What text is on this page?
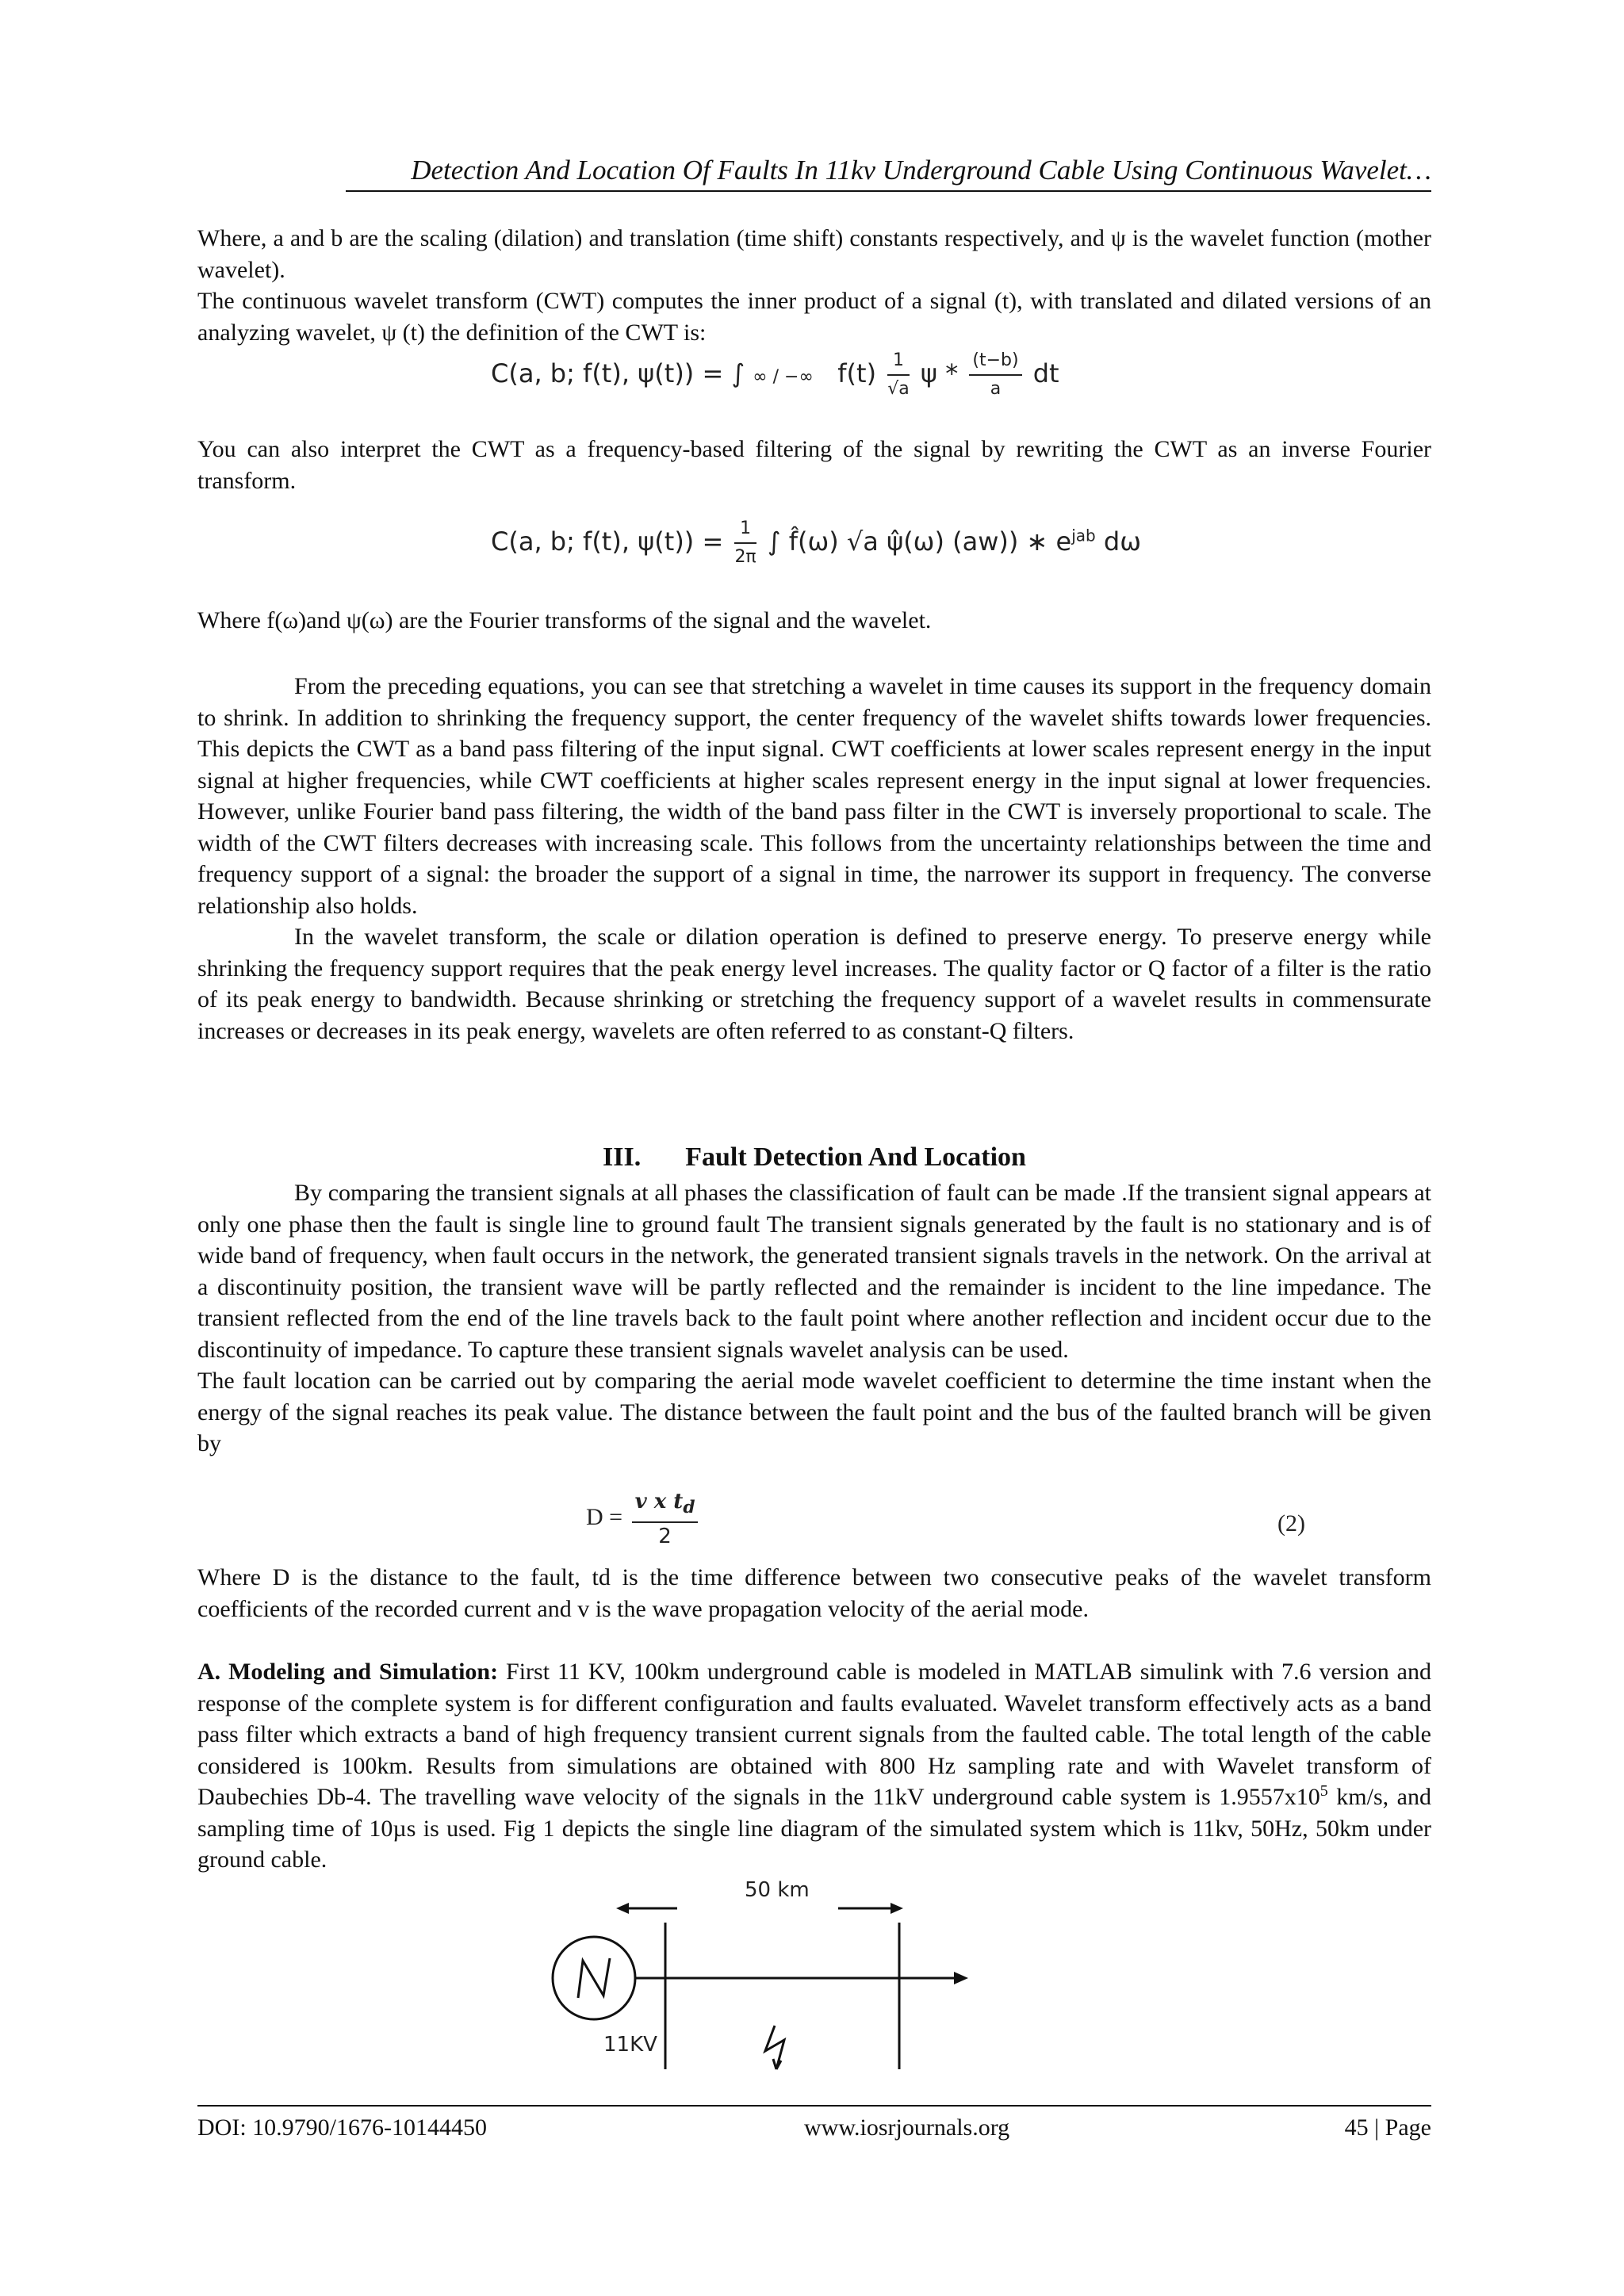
Detection And Location Of Faults In 11kv Underground Cable Using Continuous Wavelet…

Where, a and b are the scaling (dilation) and translation (time shift) constants respectively, and ψ is the wavelet function (mother wavelet).

The continuous wavelet transform (CWT) computes the inner product of a signal (t), with translated and dilated versions of an analyzing wavelet, ψ (t) the definition of the CWT is:

C(a, b; f(t), ψ(t)) = ∫ ∞ / −∞ $f(t) \frac{1}{√a}$ ψ * $\frac{(t-b)}{a}$ dt

You can also interpret the CWT as a frequency-based filtering of the signal by rewriting the CWT as an inverse Fourier transform.

C(a, b; f(t), $\psi(t)) = \frac{1}{2\pi}$ ∫ f̂(ω) √a ψ̂(ω) (aw)) ∗ $e^{jab}$ dω

Where f(ω)and ψ(ω) are the Fourier transforms of the signal and the wavelet.

From the preceding equations, you can see that stretching a wavelet in time causes its support in the frequency domain to shrink. In addition to shrinking the frequency support, the center frequency of the wavelet shifts towards lower frequencies. This depicts the CWT as a band pass filtering of the input signal. CWT coefficients at lower scales represent energy in the input signal at higher frequencies, while CWT coefficients at higher scales represent energy in the input signal at lower frequencies. However, unlike Fourier band pass filtering, the width of the band pass filter in the CWT is inversely proportional to scale. The width of the CWT filters decreases with increasing scale. This follows from the uncertainty relationships between the time and frequency support of a signal: the broader the support of a signal in time, the narrower its support in frequency. The converse relationship also holds.

In the wavelet transform, the scale or dilation operation is defined to preserve energy. To preserve energy while shrinking the frequency support requires that the peak energy level increases. The quality factor or Q factor of a filter is the ratio of its peak energy to bandwidth. Because shrinking or stretching the frequency support of a wavelet results in commensurate increases or decreases in its peak energy, wavelets are often referred to as constant-Q filters.

III. Fault Detection And Location

By comparing the transient signals at all phases the classification of fault can be made .If the transient signal appears at only one phase then the fault is single line to ground fault The transient signals generated by the fault is no stationary and is of wide band of frequency, when fault occurs in the network, the generated transient signals travels in the network. On the arrival at a discontinuity position, the transient wave will be partly reflected and the remainder is incident to the line impedance. The transient reflected from the end of the line travels back to the fault point where another reflection and incident occur due to the discontinuity of impedance. To capture these transient signals wavelet analysis can be used.

The fault location can be carried out by comparing the aerial mode wavelet coefficient to determine the time instant when the energy of the signal reaches its peak value. The distance between the fault point and the bus of the faulted branch will be given by

$D = \frac{v x t_d}{2}$	(2)

Where D is the distance to the fault, td is the time difference between two consecutive peaks of the wavelet transform coefficients of the recorded current and v is the wave propagation velocity of the aerial mode.

A. Modeling and Simulation: First 11 KV, 100km underground cable is modeled in MATLAB simulink with 7.6 version and response of the complete system is for different configuration and faults evaluated. Wavelet transform effectively acts as a band pass filter which extracts a band of high frequency transient current signals from the faulted cable. The total length of the cable considered is 100km. Results from simulations are obtained with 800 Hz sampling rate and with Wavelet transform of Daubechies Db-4. The travelling wave velocity of the signals in the 11kV underground cable system is $1.9557x10^5$ km/s, and sampling time of 10µs is used. Fig 1 depicts the single line diagram of the simulated system which is 11kv, 50Hz, 50km under ground cable.

50 km
11KV
DOI: 10.9790/1676-10144450	www.iosrjournals.org	45 | Page
